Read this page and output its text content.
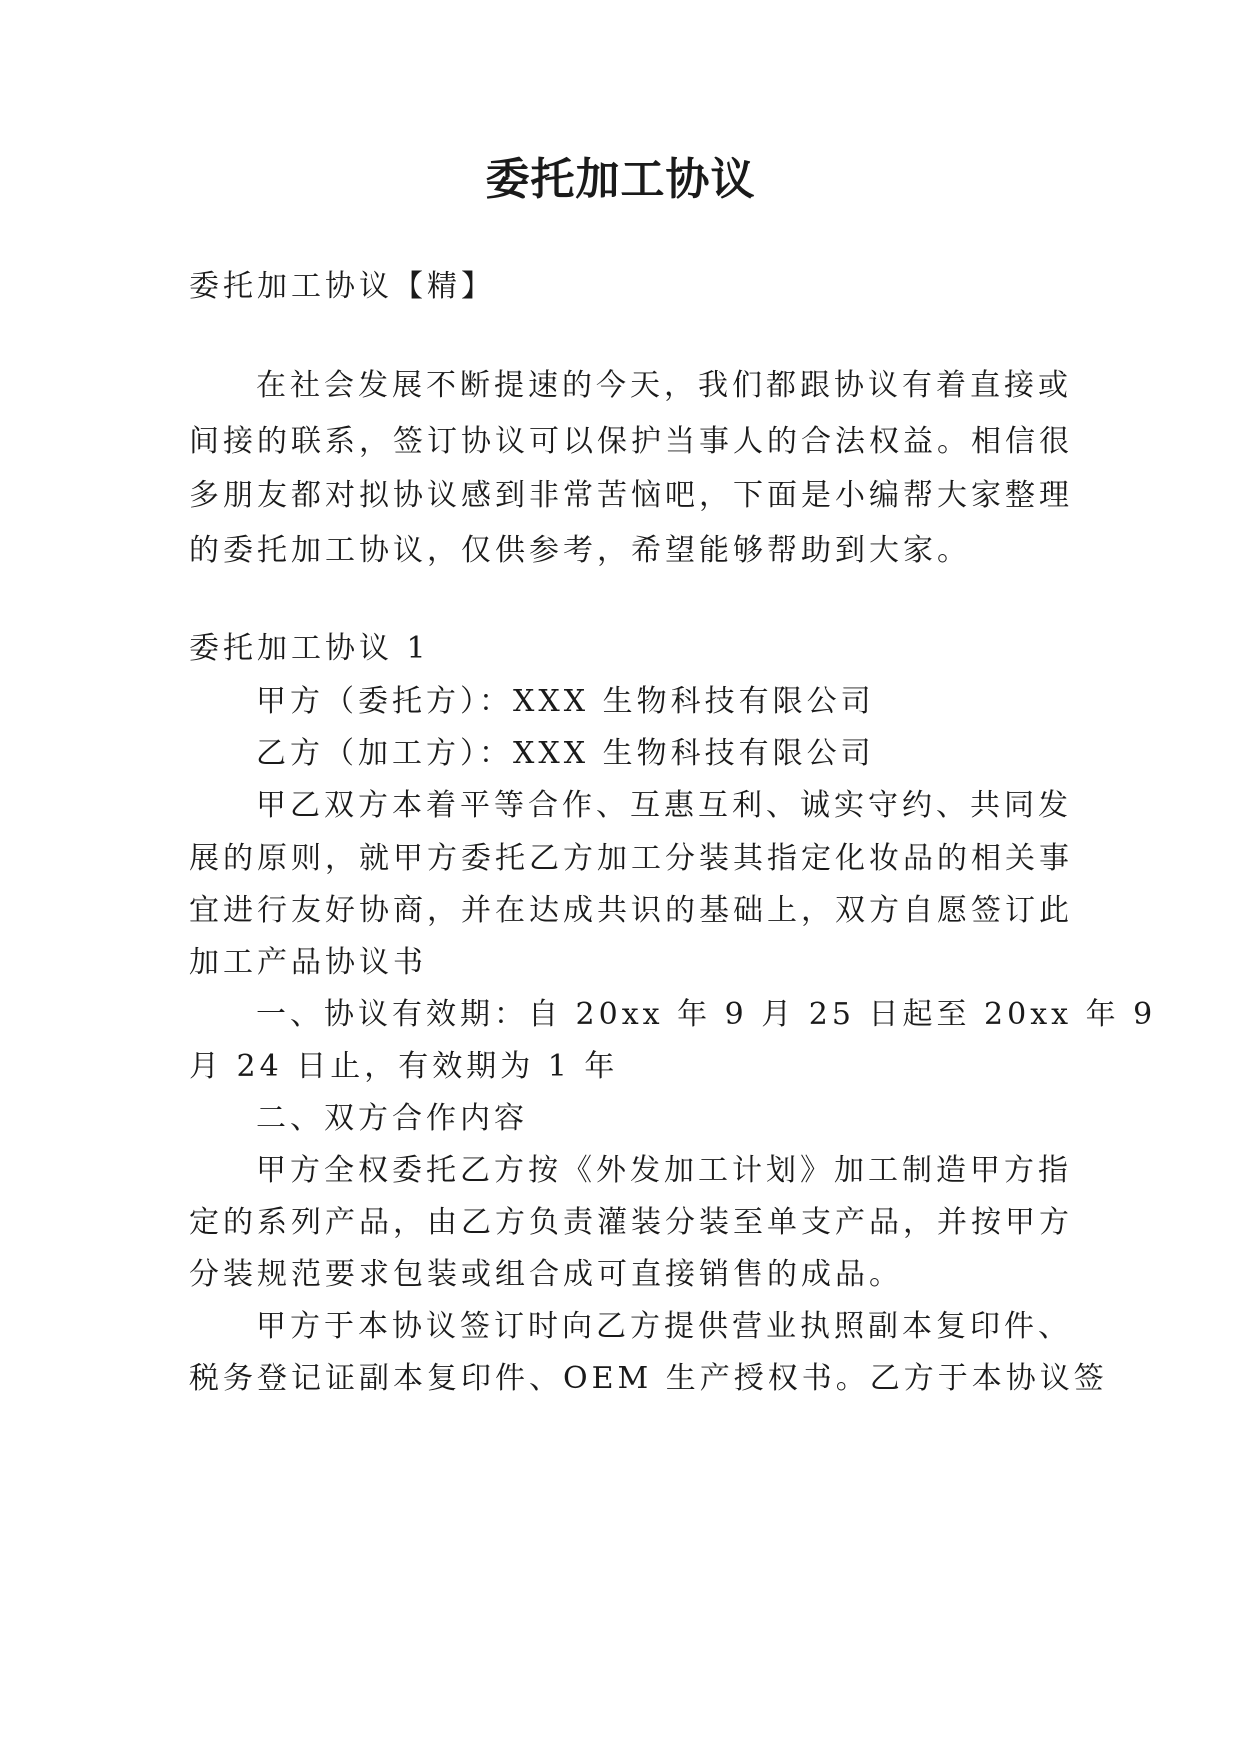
委托加工协议
委托加工协议【精】
在社会发展不断提速的今天，我们都跟协议有着直接或
间接的联系，签订协议可以保护当事人的合法权益。相信很
多朋友都对拟协议感到非常苦恼吧，下面是小编帮大家整理
的委托加工协议，仅供参考，希望能够帮助到大家。
委托加工协议 1
甲方（委托方）：XXX 生物科技有限公司
乙方（加工方）：XXX 生物科技有限公司
甲乙双方本着平等合作、互惠互利、诚实守约、共同发
展的原则，就甲方委托乙方加工分装其指定化妆品的相关事
宜进行友好协商，并在达成共识的基础上，双方自愿签订此
加工产品协议书
一、协议有效期：自 20xx 年 9 月 25 日起至 20xx 年 9
月 24 日止，有效期为 1 年
二、双方合作内容
甲方全权委托乙方按《外发加工计划》加工制造甲方指
定的系列产品，由乙方负责灌装分装至单支产品，并按甲方
分装规范要求包装或组合成可直接销售的成品。
甲方于本协议签订时向乙方提供营业执照副本复印件、
税务登记证副本复印件、OEM 生产授权书。乙方于本协议签
